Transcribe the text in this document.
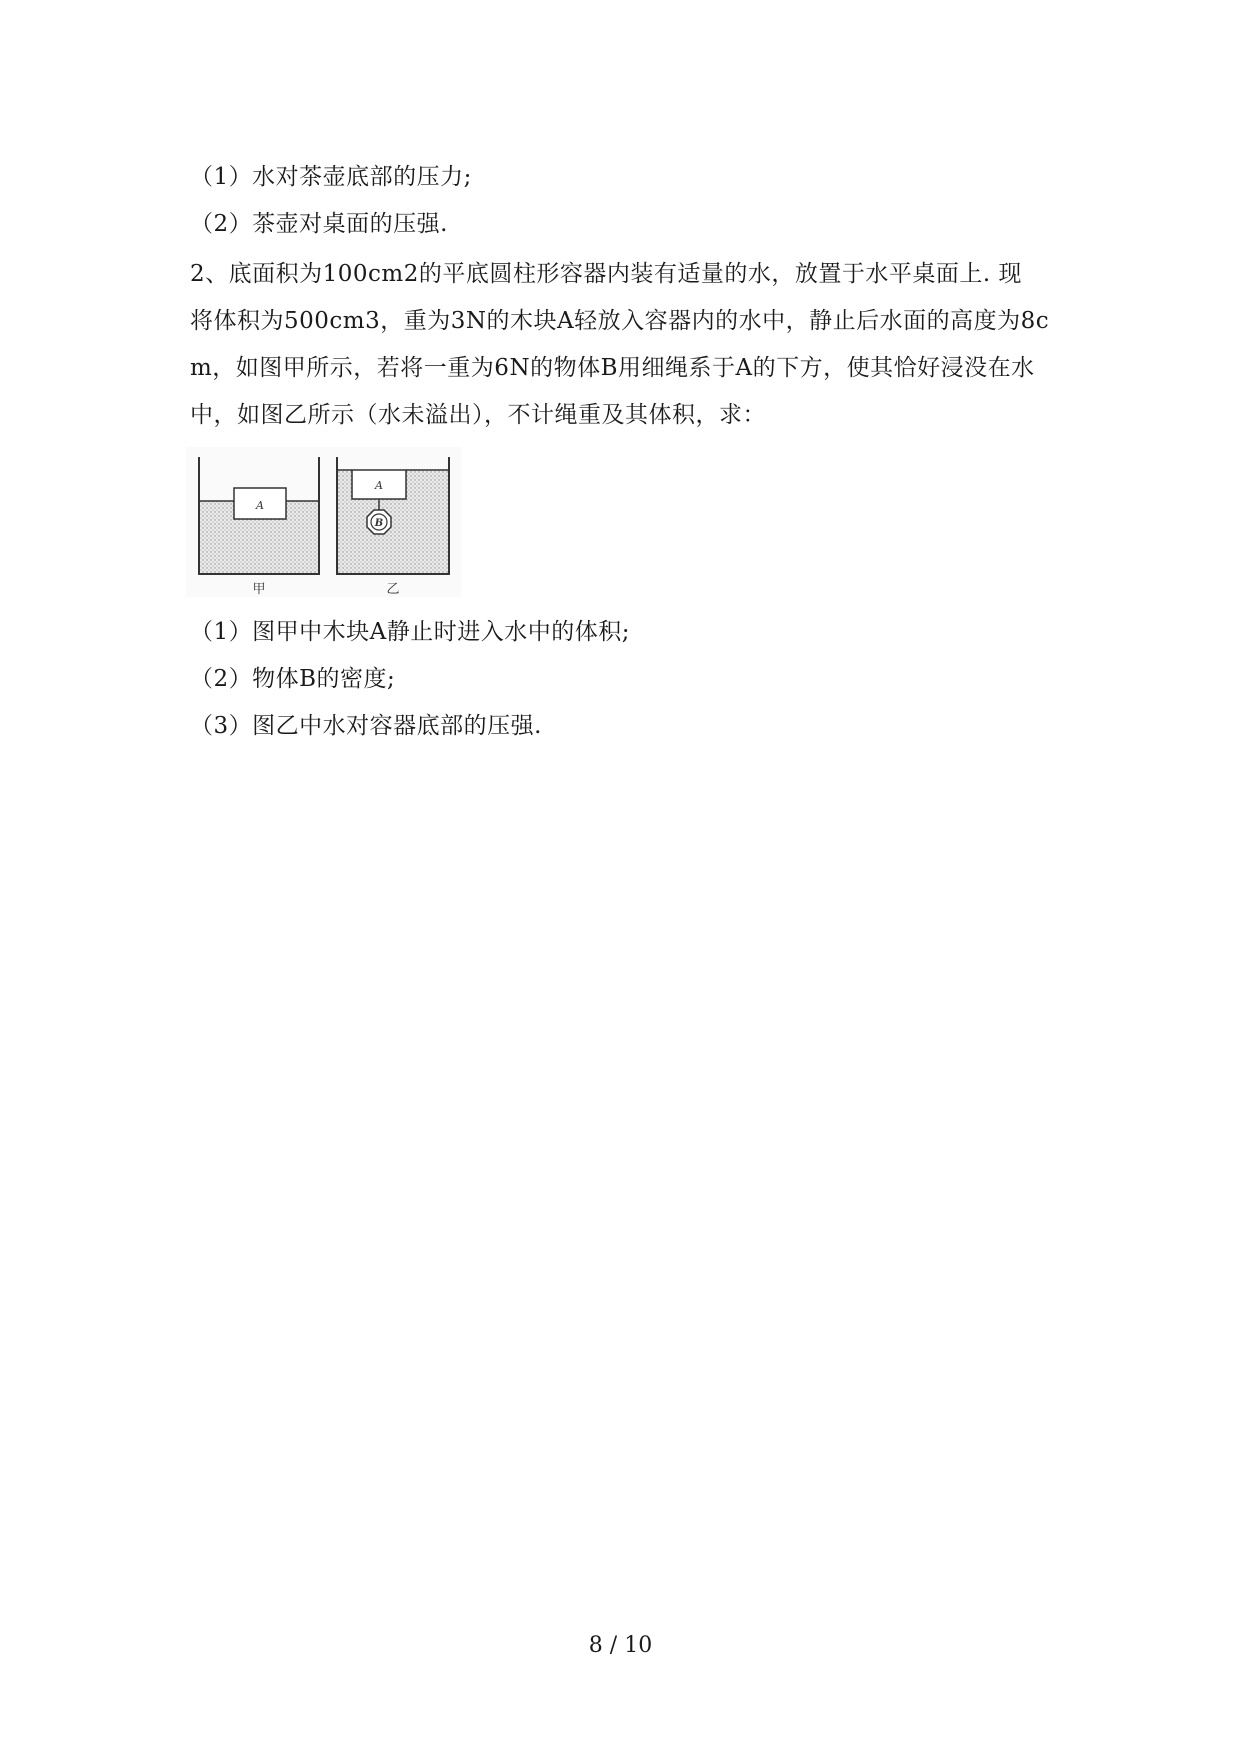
（1）水对茶壶底部的压力;
（2）茶壶对桌面的压强.
2、底面积为100cm2的平底圆柱形容器内装有适量的水，放置于水平桌面上. 现
将体积为500cm3，重为3N的木块A轻放入容器内的水中，静止后水面的高度为8c
m，如图甲所示，若将一重为6N的物体B用细绳系于A的下方，使其恰好浸没在水
中，如图乙所示（水未溢出），不计绳重及其体积，求：
A
A
B
甲	乙
（1）图甲中木块A静止时进入水中的体积;
（2）物体B的密度;
（3）图乙中水对容器底部的压强.
8 / 10
